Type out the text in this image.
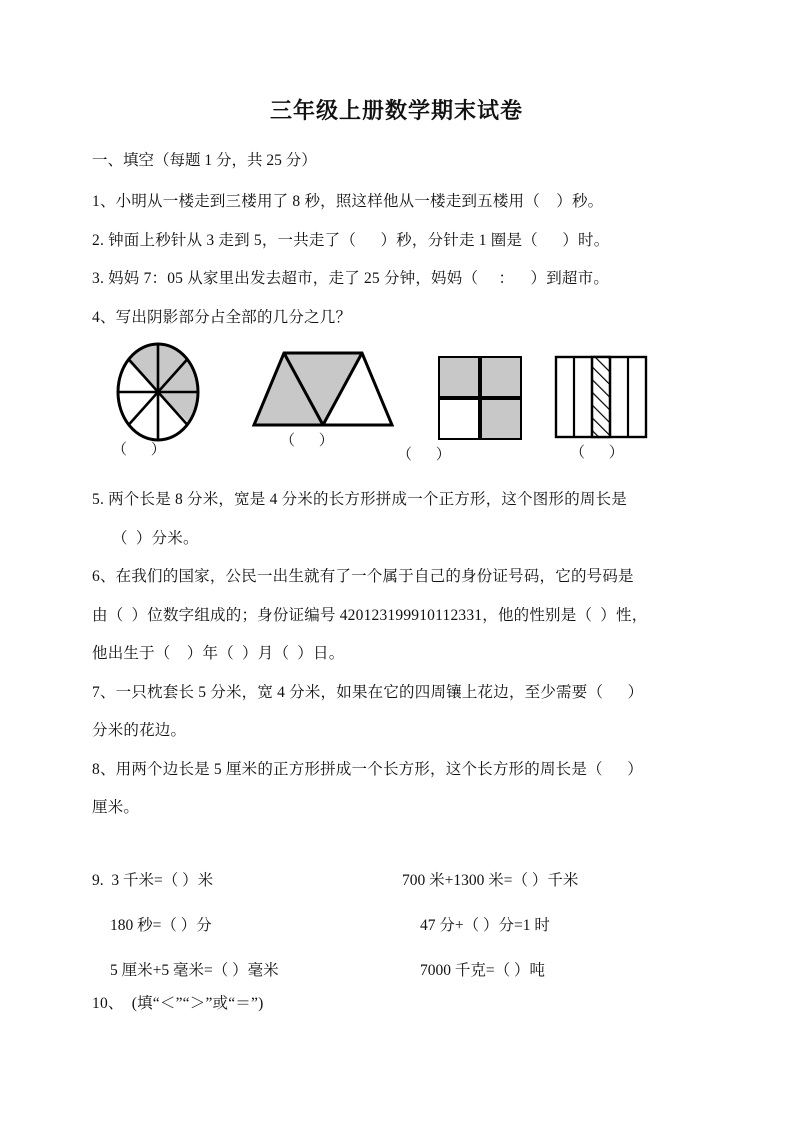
三年级上册数学期末试卷
一、填空（每题 1 分，共 25 分）
1、小明从一楼走到三楼用了 8 秒，照这样他从一楼走到五楼用（    ）秒。
2. 钟面上秒针从 3 走到 5，一共走了（      ）秒，分针走 1 圈是（      ）时。
3. 妈妈 7：05 从家里出发去超市，走了 25 分钟，妈妈（     ：    ）到超市。
4、写出阴影部分占全部的几分之几？
（ ）
（ ）
（ ）	（ ）
5. 两个长是 8 分米，宽是 4 分米的长方形拼成一个正方形，这个图形的周长是
（  ）分米。
6、在我们的国家，公民一出生就有了一个属于自己的身份证号码，它的号码是
由（  ）位数字组成的；身份证编号 420123199910112331，他的性别是（  ）性，
他出生于（    ）年（  ）月（  ）日。
7、一只枕套长 5 分米，宽 4 分米，如果在它的四周镶上花边，至少需要（      ）
分米的花边。
8、用两个边长是 5 厘米的正方形拼成一个长方形，这个长方形的周长是（      ）
厘米。
9. 3 千米=（ ）米	700 米+1300 米=（ ）千米
180 秒=（ ）分	47 分+（ ）分=1 时
5 厘米+5 毫米=（ ）毫米	7000 千克=（ ）吨
10、  (填“＜”“＞”或“＝”)
